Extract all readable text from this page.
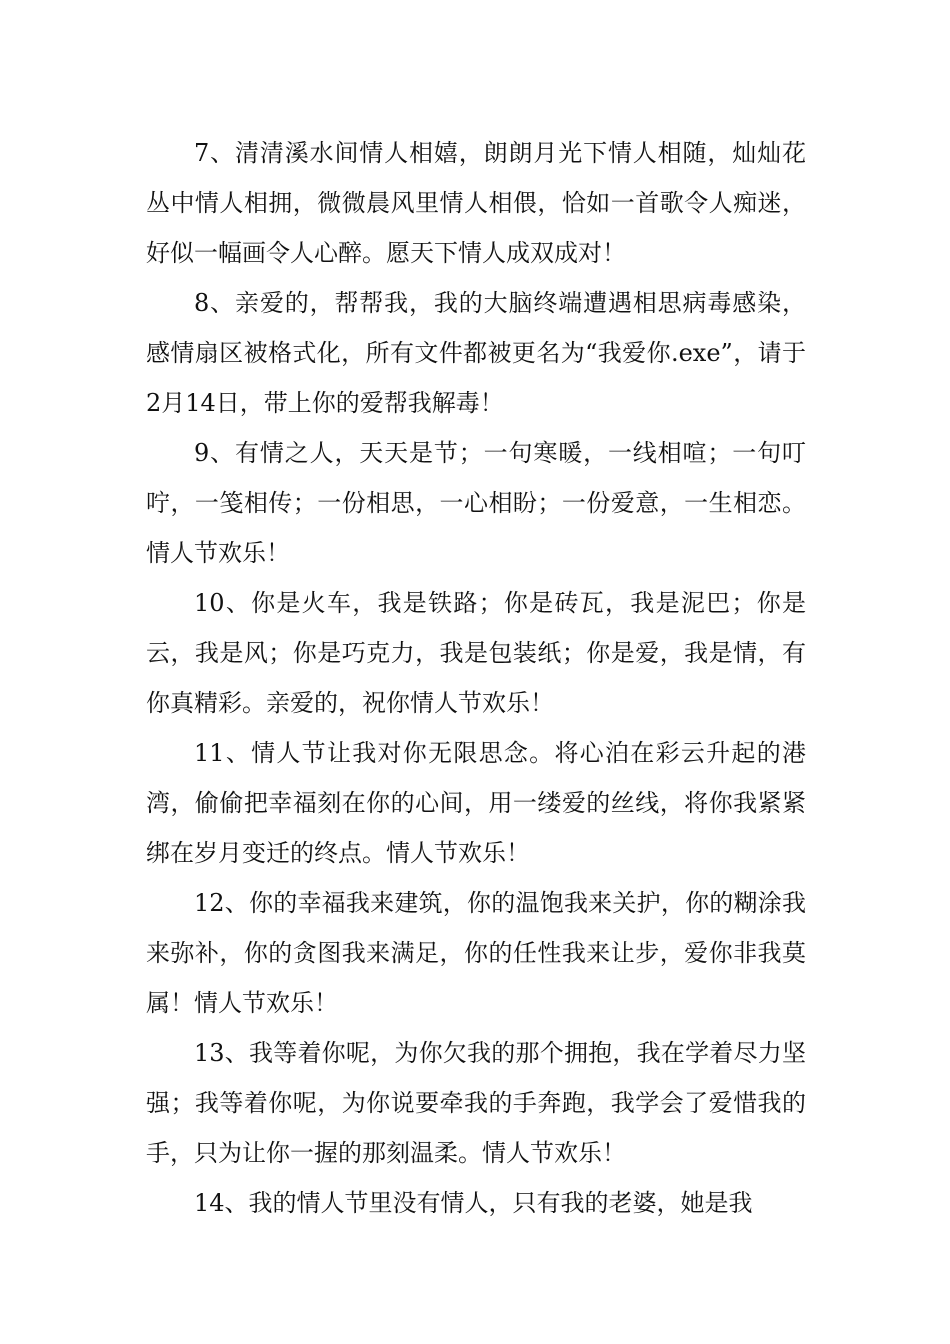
7、清清溪水间情人相嬉，朗朗月光下情人相随，灿灿花丛中情人相拥，微微晨风里情人相偎，恰如一首歌令人痴迷，好似一幅画令人心醉。愿天下情人成双成对！

8、亲爱的，帮帮我，我的大脑终端遭遇相思病毒感染，感情扇区被格式化，所有文件都被更名为“我爱你.exe”，请于2月14日，带上你的爱帮我解毒！

9、有情之人，天天是节；一句寒暖，一线相喧；一句叮咛，一笺相传；一份相思，一心相盼；一份爱意，一生相恋。情人节欢乐！

10、你是火车，我是铁路；你是砖瓦，我是泥巴；你是云，我是风；你是巧克力，我是包装纸；你是爱，我是情，有你真精彩。亲爱的，祝你情人节欢乐！

11、情人节让我对你无限思念。将心泊在彩云升起的港湾，偷偷把幸福刻在你的心间，用一缕爱的丝线，将你我紧紧绑在岁月变迁的终点。情人节欢乐！

12、你的幸福我来建筑，你的温饱我来关护，你的糊涂我来弥补，你的贪图我来满足，你的任性我来让步，爱你非我莫属！情人节欢乐！

13、我等着你呢，为你欠我的那个拥抱，我在学着尽力坚强；我等着你呢，为你说要牵我的手奔跑，我学会了爱惜我的手，只为让你一握的那刻温柔。情人节欢乐！

14、我的情人节里没有情人，只有我的老婆，她是我
